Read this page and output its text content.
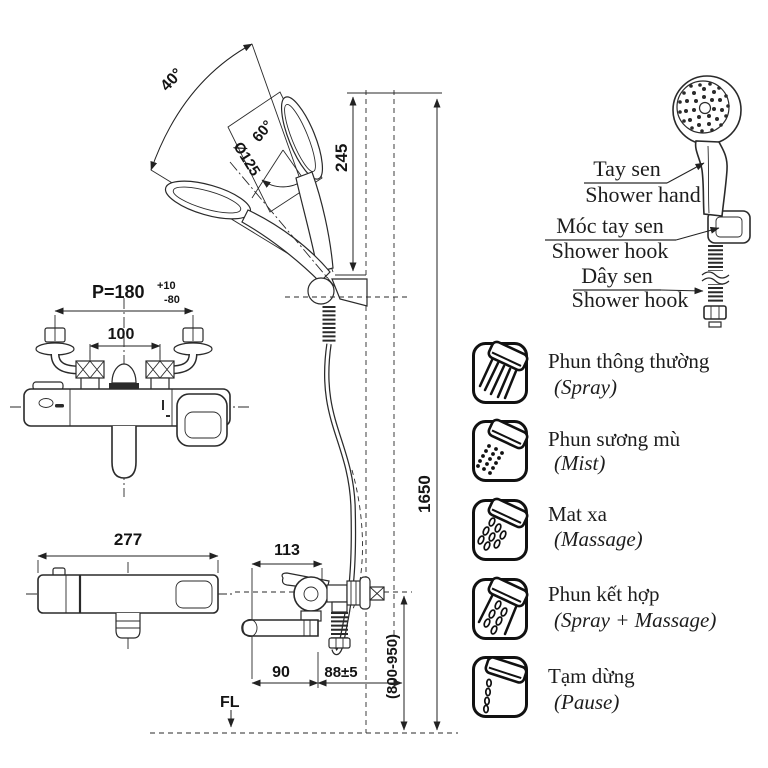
40°
Ø125
60°
245
1650
(800-950)
FL
P=180 +10
-80
100
277
113
90 88±5
Tay sen
Shower hand
Móc tay sen
Shower hook
Dây sen
Shower hook
Phun thông thường
(Spray)
Phun sương mù
(Mist)
Mat xa
(Massage)
Phun kết hợp
(Spray + Massage)
Tạm dừng
(Pause)
